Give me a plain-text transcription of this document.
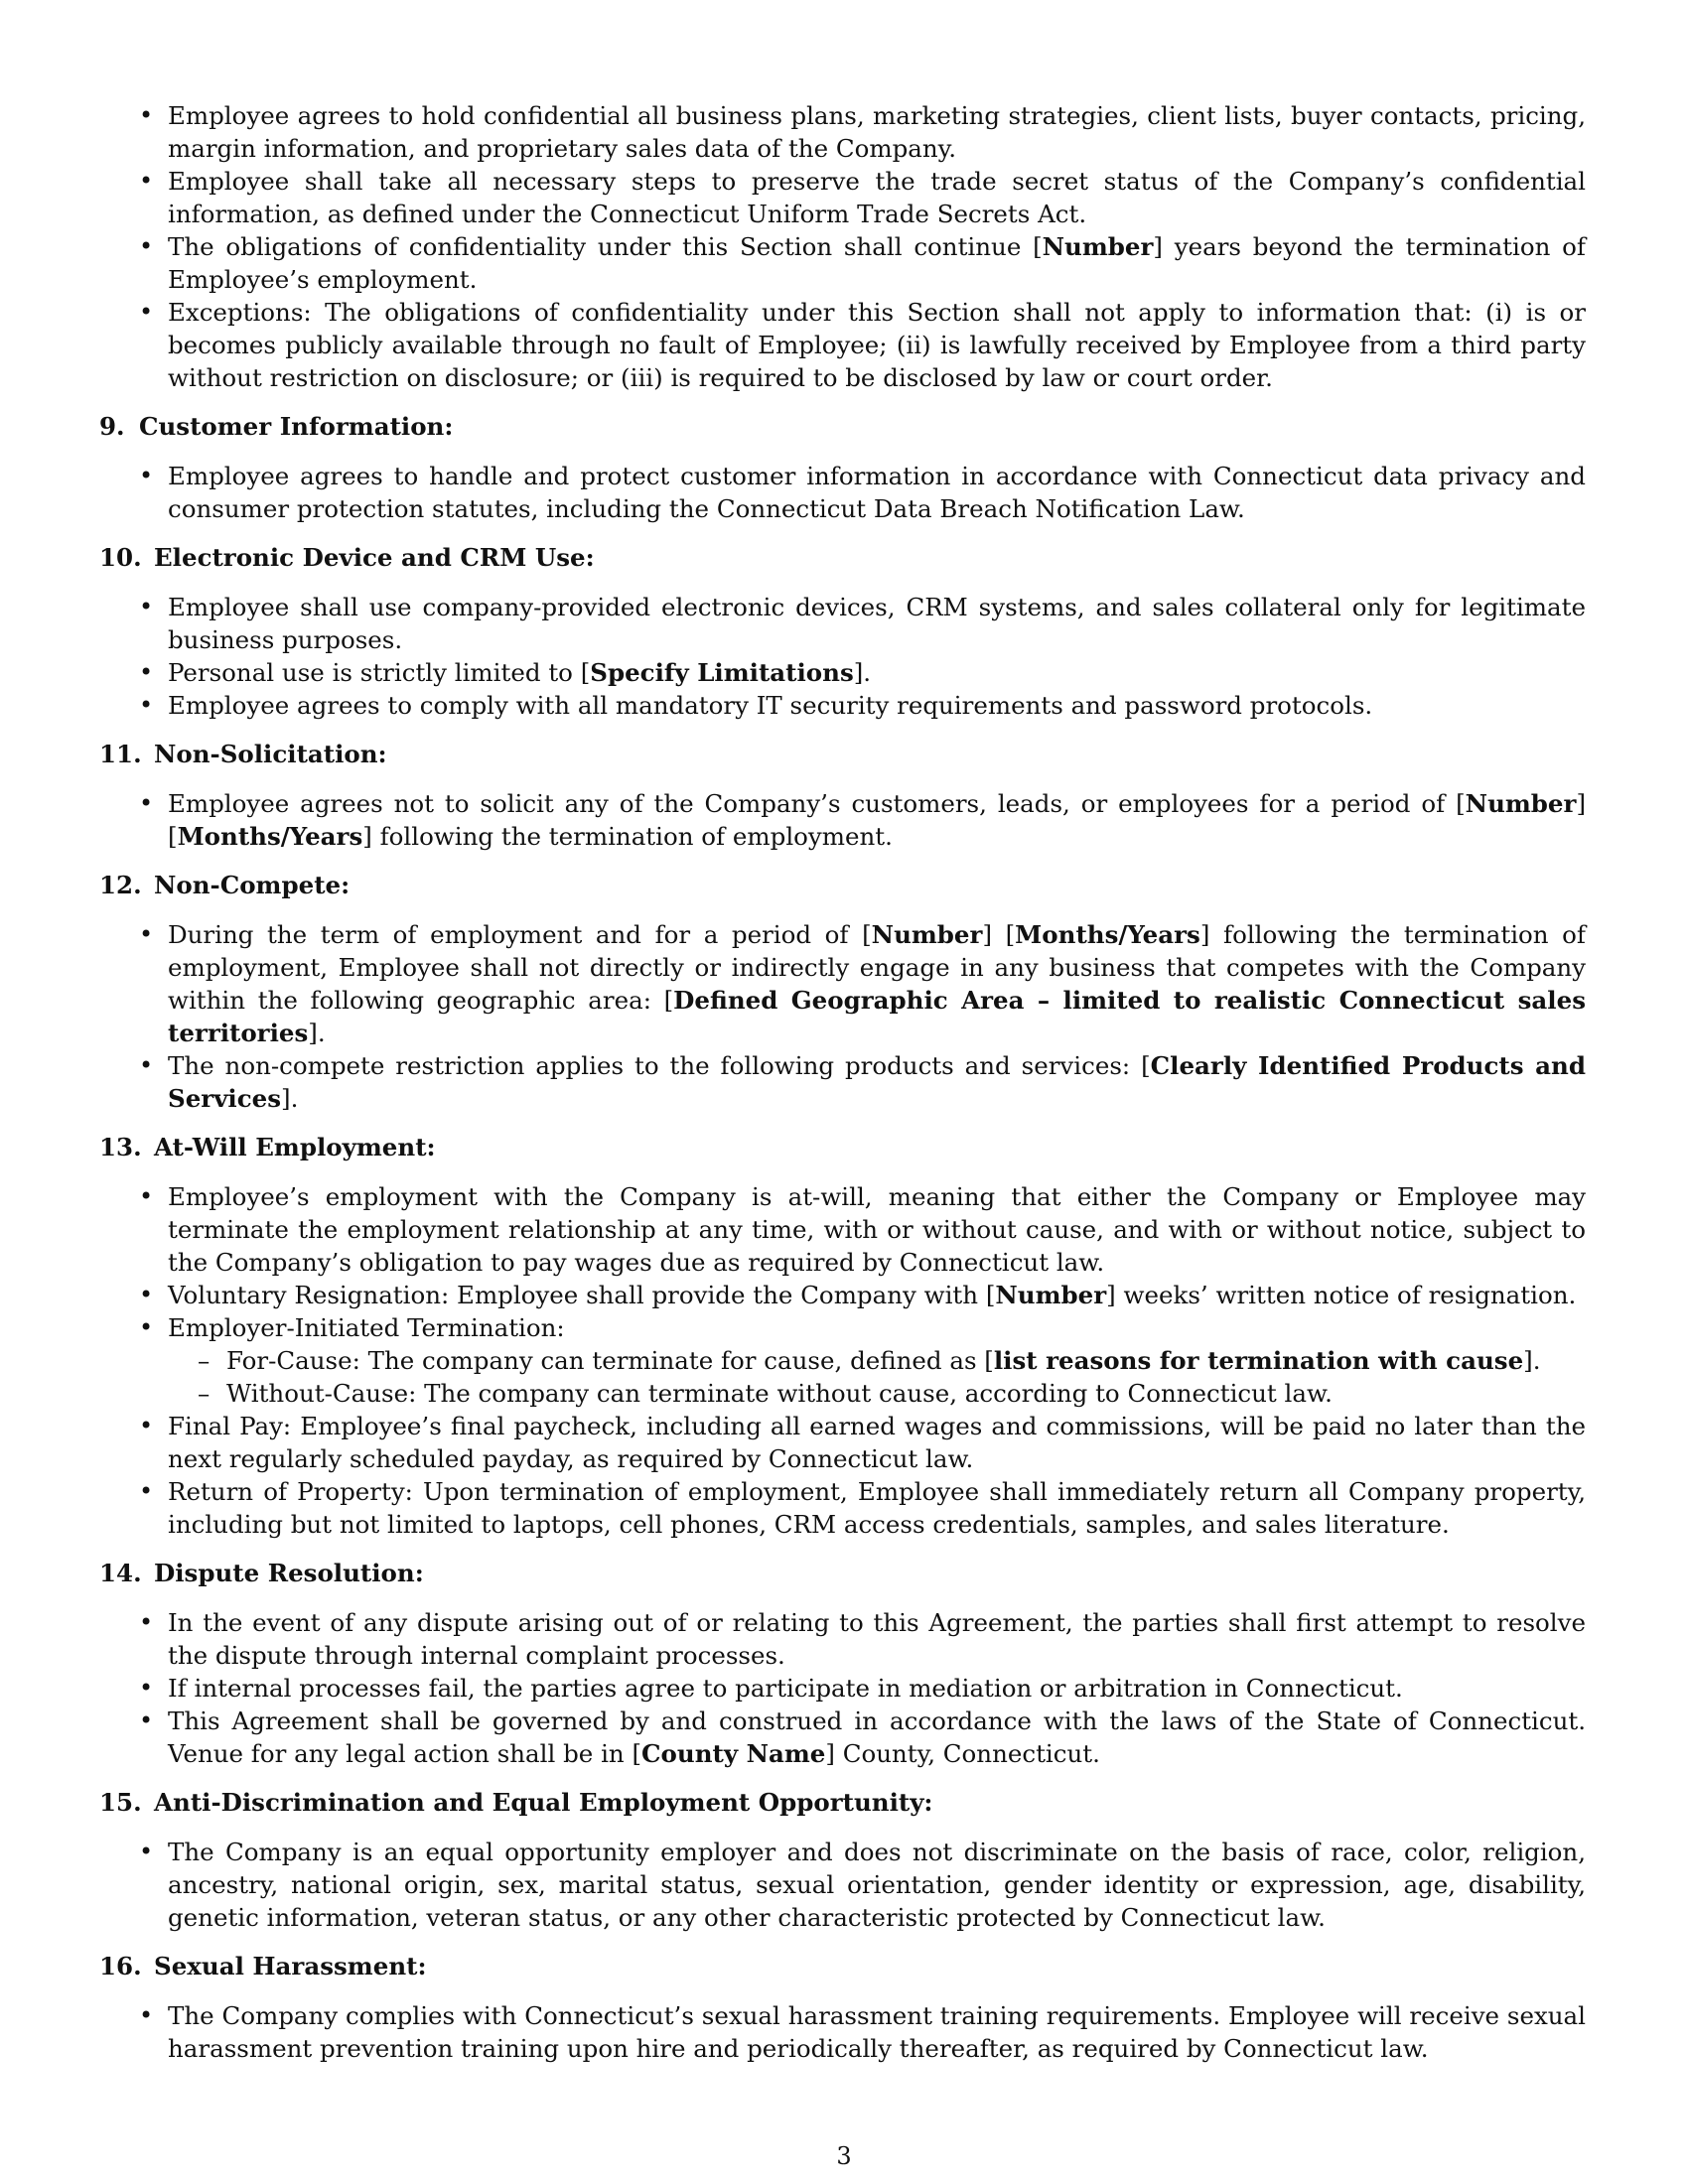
• Employee agrees to hold confidential all business plans, marketing strategies, client lists, buyer contacts, pricing, margin information, and proprietary sales data of the Company.
• Employee shall take all necessary steps to preserve the trade secret status of the Company’s confidential information, as defined under the Connecticut Uniform Trade Secrets Act.
• The obligations of confidentiality under this Section shall continue [Number] years beyond the termination of Employee’s employment.
• Exceptions: The obligations of confidentiality under this Section shall not apply to information that: (i) is or becomes publicly available through no fault of Employee; (ii) is lawfully received by Employee from a third party without restriction on disclosure; or (iii) is required to be disclosed by law or court order.
9. Customer Information:
• Employee agrees to handle and protect customer information in accordance with Connecticut data privacy and consumer protection statutes, including the Connecticut Data Breach Notification Law.
10. Electronic Device and CRM Use:
• Employee shall use company-provided electronic devices, CRM systems, and sales collateral only for legitimate business purposes.
• Personal use is strictly limited to [Specify Limitations].
• Employee agrees to comply with all mandatory IT security requirements and password protocols.
11. Non-Solicitation:
• Employee agrees not to solicit any of the Company’s customers, leads, or employees for a period of [Number] [Months/Years] following the termination of employment.
12. Non-Compete:
• During the term of employment and for a period of [Number] [Months/Years] following the termination of employment, Employee shall not directly or indirectly engage in any business that competes with the Company within the following geographic area: [Defined Geographic Area – limited to realistic Connecticut sales territories].
• The non-compete restriction applies to the following products and services: [Clearly Identified Products and Services].
13. At-Will Employment:
• Employee’s employment with the Company is at-will, meaning that either the Company or Employee may terminate the employment relationship at any time, with or without cause, and with or without notice, subject to the Company’s obligation to pay wages due as required by Connecticut law.
• Voluntary Resignation: Employee shall provide the Company with [Number] weeks’ written notice of resignation.
• Employer-Initiated Termination:
– For-Cause: The company can terminate for cause, defined as [list reasons for termination with cause].
– Without-Cause: The company can terminate without cause, according to Connecticut law.
• Final Pay: Employee’s final paycheck, including all earned wages and commissions, will be paid no later than the next regularly scheduled payday, as required by Connecticut law.
• Return of Property: Upon termination of employment, Employee shall immediately return all Company property, including but not limited to laptops, cell phones, CRM access credentials, samples, and sales literature.
14. Dispute Resolution:
• In the event of any dispute arising out of or relating to this Agreement, the parties shall first attempt to resolve the dispute through internal complaint processes.
• If internal processes fail, the parties agree to participate in mediation or arbitration in Connecticut.
• This Agreement shall be governed by and construed in accordance with the laws of the State of Connecticut. Venue for any legal action shall be in [County Name] County, Connecticut.
15. Anti-Discrimination and Equal Employment Opportunity:
• The Company is an equal opportunity employer and does not discriminate on the basis of race, color, religion, ancestry, national origin, sex, marital status, sexual orientation, gender identity or expression, age, disability, genetic information, veteran status, or any other characteristic protected by Connecticut law.
16. Sexual Harassment:
• The Company complies with Connecticut’s sexual harassment training requirements. Employee will receive sexual harassment prevention training upon hire and periodically thereafter, as required by Connecticut law.
3
